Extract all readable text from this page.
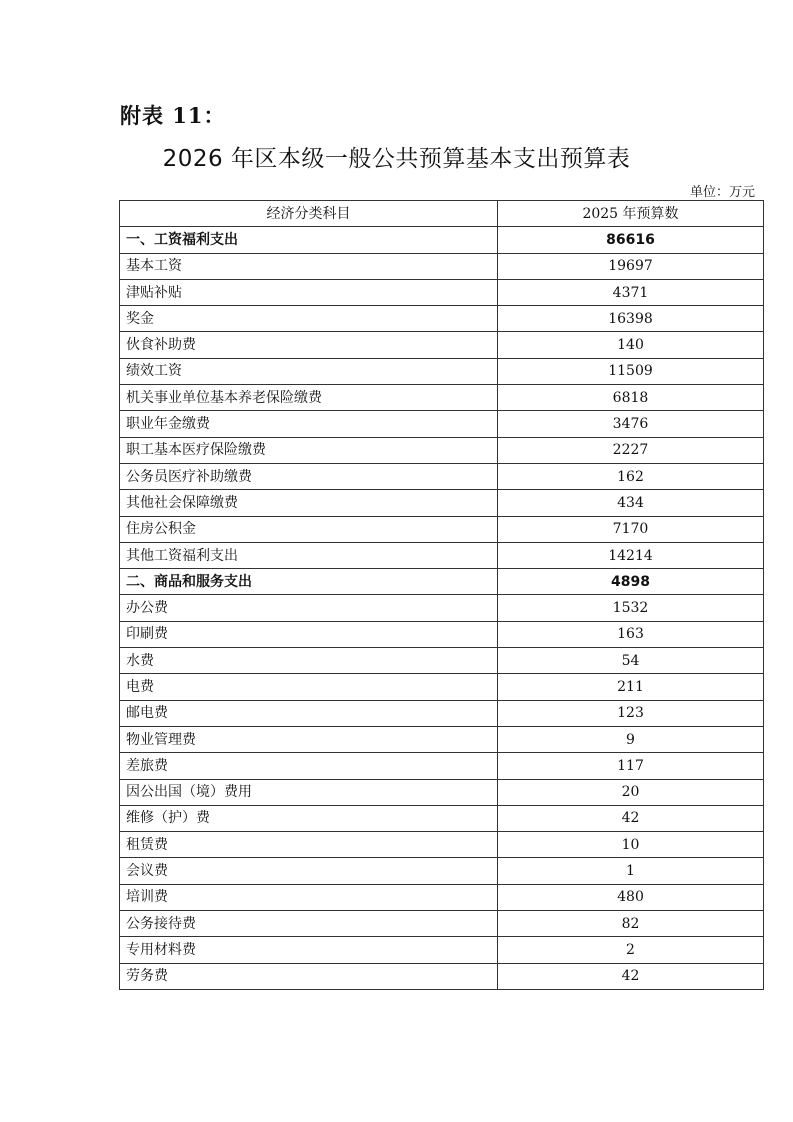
附表 11：
2026 年区本级一般公共预算基本支出预算表
单位：万元
经济分类科目	2025 年预算数
一、工资福利支出	86616
基本工资	19697
津贴补贴	4371
奖金	16398
伙食补助费	140
绩效工资	11509
机关事业单位基本养老保险缴费	6818
职业年金缴费	3476
职工基本医疗保险缴费	2227
公务员医疗补助缴费	162
其他社会保障缴费	434
住房公积金	7170
其他工资福利支出	14214
二、商品和服务支出	4898
办公费	1532
印刷费	163
水费	54
电费	211
邮电费	123
物业管理费	9
差旅费	117
因公出国（境）费用	20
维修（护）费	42
租赁费	10
会议费	1
培训费	480
公务接待费	82
专用材料费	2
劳务费	42
